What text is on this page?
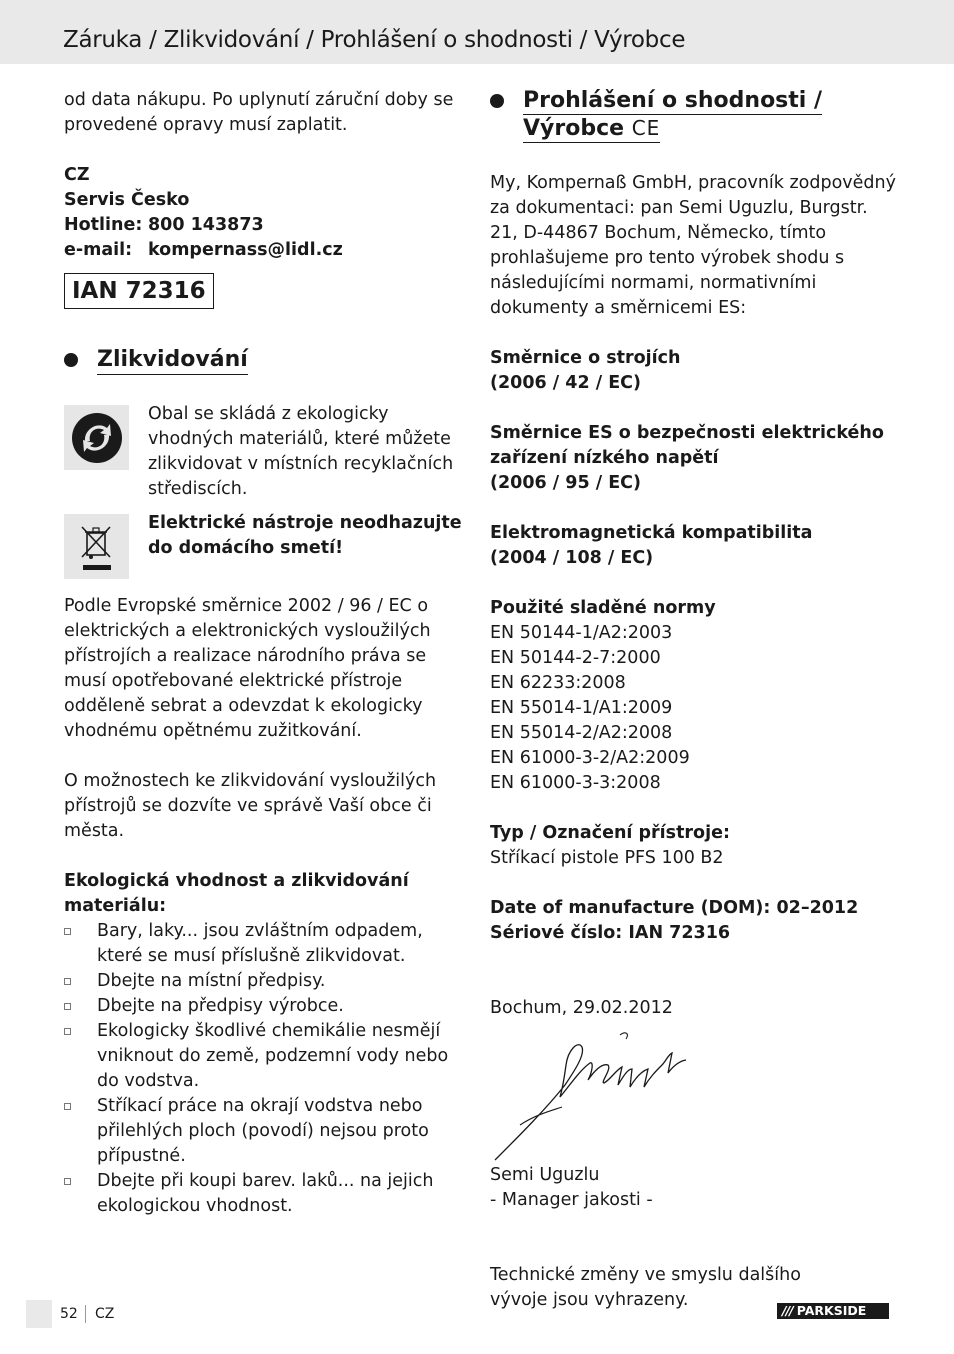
Záruka / Zlikvidování / Prohlášení o shodnosti / Výrobce

od data nákupu. Po uplynutí záruční doby se provedené opravy musí zaplatit.

CZ
Servis Česko
Hotline: 800 143873
e-mail: kompernass@lidl.cz
IAN 72316
Zlikvidování

Obal se skládá z ekologicky vhodných materiálů, které můžete zlikvidovat v místních recyklačních střediscích.

Elektrické nástroje neodhazujte do domácího smetí!

Podle Evropské směrnice 2002 / 96 / EC o elektrických a elektronických vysloužilých přístrojích a realizace národního práva se musí opotřebované elektrické přístroje odděleně sebrat a odevzdat k ekologicky vhodnému opětnému zužitkování.

O možnostech ke zlikvidování vysloužilých přístrojů se dozvíte ve správě Vaší obce či města.

Ekologická vhodnost a zlikvidování materiálu:

Bary, laky... jsou zvláštním odpadem, které se musí příslušně zlikvidovat.
Dbejte na místní předpisy.
Dbejte na předpisy výrobce.
Ekologicky škodlivé chemikálie nesmějí vniknout do země, podzemní vody nebo do vodstva.
Stříkací práce na okrají vodstva nebo přilehlých ploch (povodí) nejsou proto přípustné.
Dbejte při koupi barev. laků... na jejich ekologickou vhodnost.
Prohlášení o shodnosti /
Výrobce CE

My, Kompernaß GmbH, pracovník zodpovědný za dokumentaci: pan Semi Uguzlu, Burgstr. 21, D-44867 Bochum, Německo, tímto prohlašujeme pro tento výrobek shodu s následujícími normami, normativními dokumenty a směrnicemi ES:

Směrnice o strojích
(2006 / 42 / EC)
Směrnice ES o bezpečnosti elektrického zařízení nízkého napětí
(2006 / 95 / EC)
Elektromagnetická kompatibilita
(2004 / 108 / EC)
Použité sladěné normy
EN 50144-1/A2:2003
EN 50144-2-7:2000
EN 62233:2008
EN 55014-1/A1:2009
EN 55014-2/A2:2008
EN 61000-3-2/A2:2009
EN 61000-3-3:2008
Typ / Označení přístroje:
Stříkací pistole PFS 100 B2
Date of manufacture (DOM): 02–2012
Sériové číslo: IAN 72316
Bochum, 29.02.2012
Semi Uguzlu
- Manager jakosti -

Technické změny ve smyslu dalšího vývoje jsou vyhrazeny.

52 CZ	/// PARKSIDE
